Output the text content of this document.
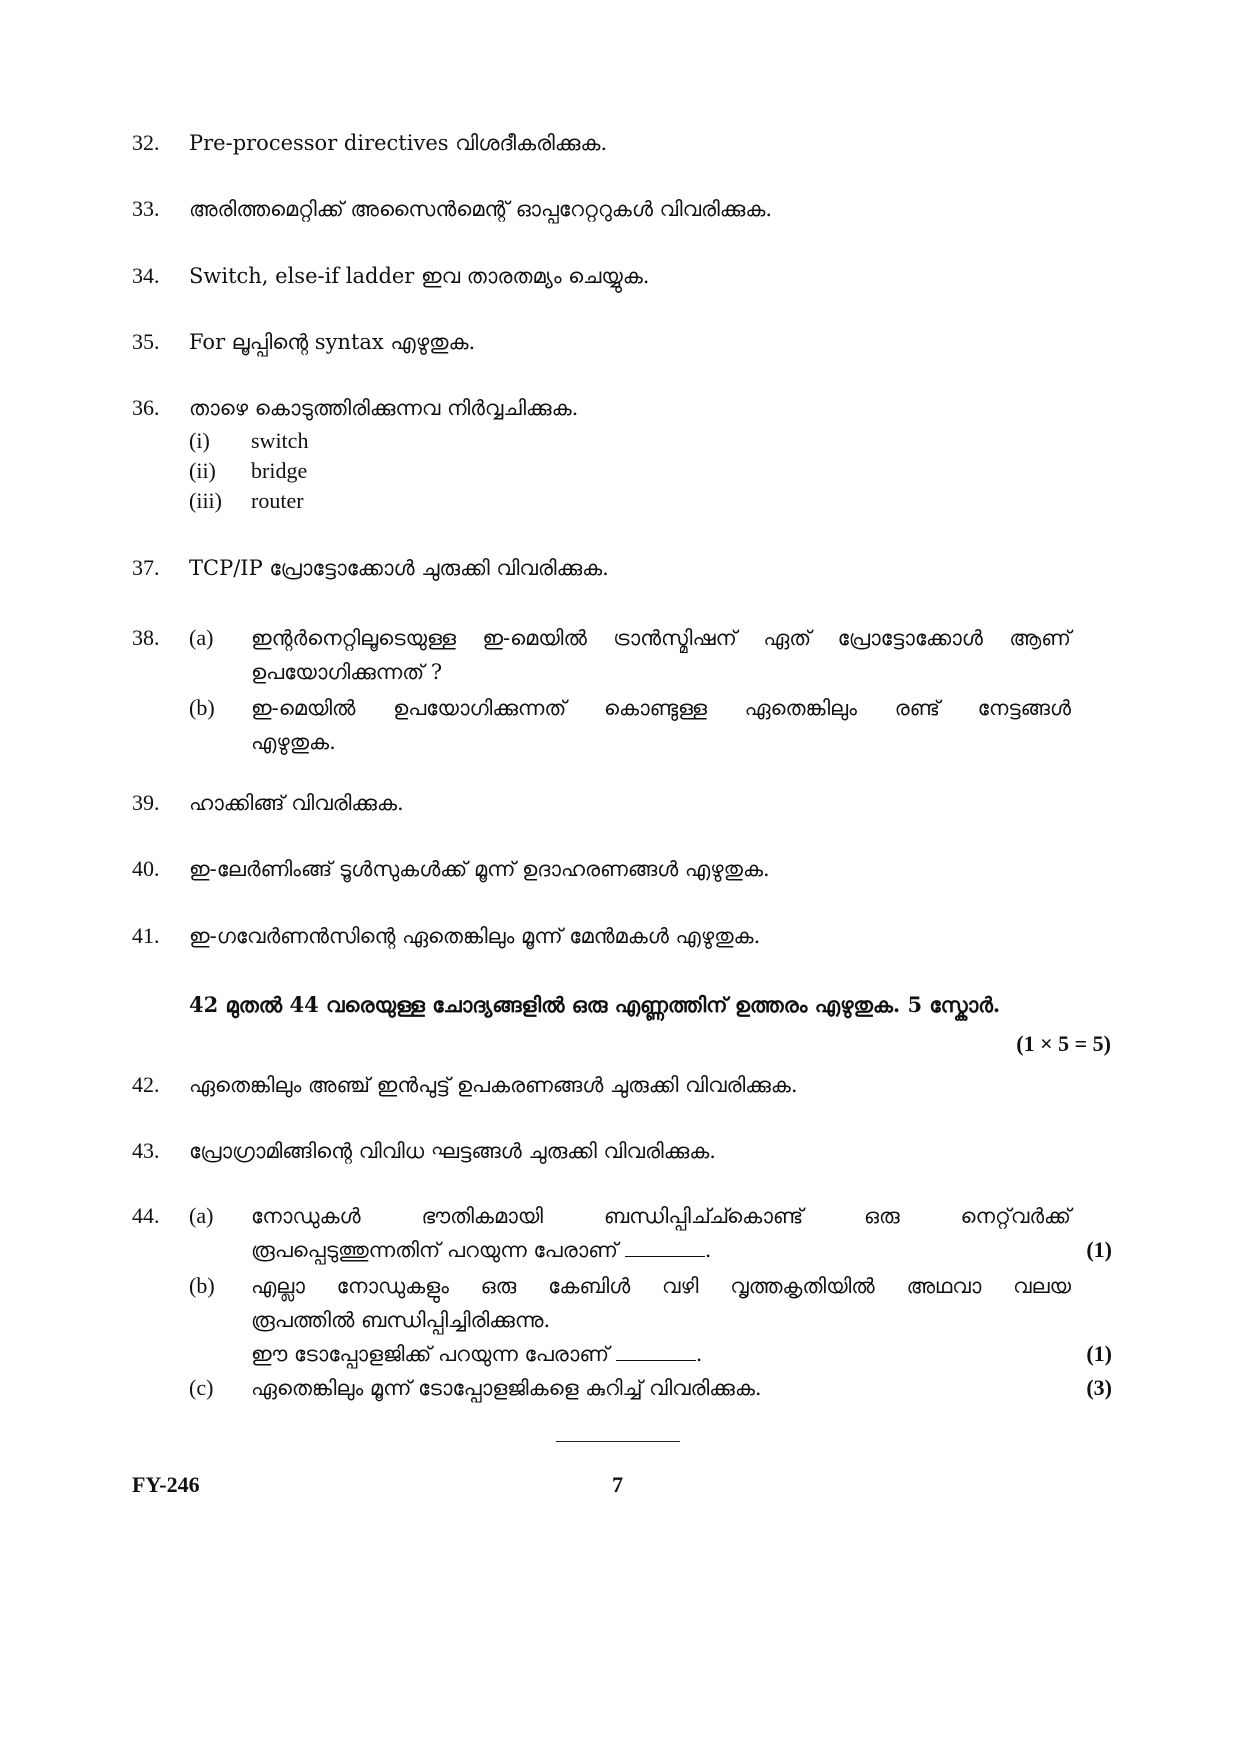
32. Pre-processor directives വിശദീകരിക്കുക.
33. അരിത്തമെറ്റിക്ക് അസൈൻമെന്റ് ഓപ്പറേറ്ററുകൾ വിവരിക്കുക.
34. Switch, else-if ladder ഇവ താരതമ്യം ചെയ്യുക.
35. For ലൂപ്പിന്റെ syntax എഴുതുക.
36. താഴെ കൊടുത്തിരിക്കുന്നവ നിർവ്വചിക്കുക.
(i) switch
(ii) bridge
(iii) router
37. TCP/IP പ്രോട്ടോക്കോൾ ചുരുക്കി വിവരിക്കുക.
38. (a) ഇന്റർനെറ്റിലൂടെയുള്ള ഇ-മെയിൽ ട്രാൻസ്മിഷന് ഏത് പ്രോട്ടോക്കോൾ ആണ്
ഉപയോഗിക്കുന്നത് ?
(b) ഇ-മെയിൽ ഉപയോഗിക്കുന്നത് കൊണ്ടുള്ള ഏതെങ്കിലും രണ്ട് നേട്ടങ്ങൾ
എഴുതുക.
39. ഹാക്കിങ്ങ് വിവരിക്കുക.
40. ഇ-ലേർണിംങ്ങ് ടൂൾസുകൾക്ക് മൂന്ന് ഉദാഹരണങ്ങൾ എഴുതുക.
41. ഇ-ഗവേർണൻസിന്റെ ഏതെങ്കിലും മൂന്ന് മേൻമകൾ എഴുതുക.
42 മുതൽ 44 വരെയുള്ള ചോദ്യങ്ങളിൽ ഒരു എണ്ണത്തിന് ഉത്തരം എഴുതുക. 5 സ്കോർ.
(1 × 5 = 5)
42. ഏതെങ്കിലും അഞ്ച് ഇൻപുട്ട് ഉപകരണങ്ങൾ ചുരുക്കി വിവരിക്കുക.
43. പ്രോഗ്രാമിങ്ങിന്റെ വിവിധ ഘട്ടങ്ങൾ ചുരുക്കി വിവരിക്കുക.
44. (a) നോഡുകൾ ഭൗതികമായി ബന്ധിപ്പിച്ച്കൊണ്ട് ഒരു നെറ്റ്‌വർക്ക്
രൂപപ്പെടുത്തുന്നതിന് പറയുന്ന പേരാണ്	.	(1)
(b) എല്ലാ നോഡുകളും ഒരു കേബിൾ വഴി വൃത്തകൃതിയിൽ അഥവാ വലയ
രൂപത്തിൽ ബന്ധിപ്പിച്ചിരിക്കുന്നു.
ഈ ടോപ്പോളജിക്ക് പറയുന്ന പേരാണ്	.	(1)
(c) ഏതെങ്കിലും മൂന്ന് ടോപ്പോളജികളെ കുറിച്ച് വിവരിക്കുക.	(3)
FY-246	7
